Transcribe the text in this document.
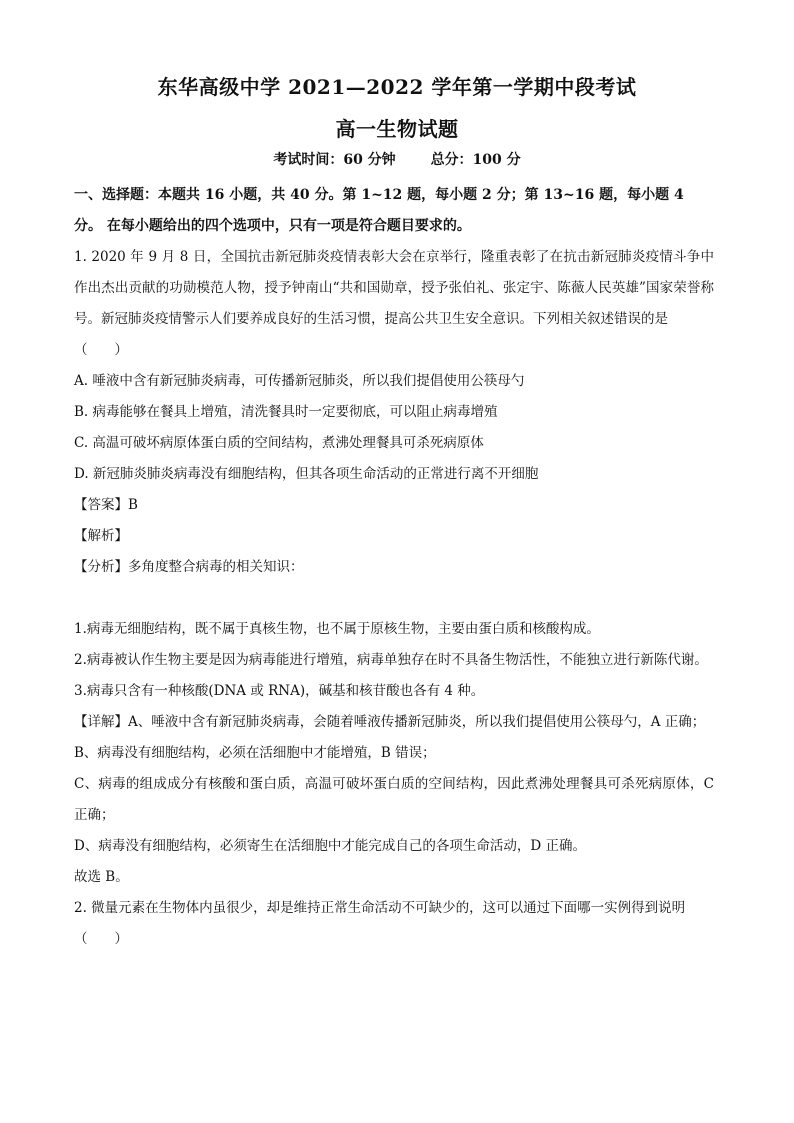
东华高级中学 2021—2022 学年第一学期中段考试
高一生物试题
考试时间：60 分钟 总分：100 分

一、选择题：本题共 16 小题，共 40 分。第 1~12 题，每小题 2 分；第 13~16 题，每小题 4

分。 在每小题给出的四个选项中，只有一项是符合题目要求的。

1. 2020 年 9 月 8 日，全国抗击新冠肺炎疫情表彰大会在京举行，隆重表彰了在抗击新冠肺炎疫情斗争中作出杰出贡献的功勋模范人物，授予钟南山“共和国勋章，授予张伯礼、张定宇、陈薇人民英雄”国家荣誉称号。新冠肺炎疫情警示人们要养成良好的生活习惯，提高公共卫生安全意识。下列相关叙述错误的是

（　　）

A. 唾液中含有新冠肺炎病毒，可传播新冠肺炎，所以我们提倡使用公筷母勺

B. 病毒能够在餐具上增殖，清洗餐具时一定要彻底，可以阻止病毒增殖

C. 高温可破坏病原体蛋白质的空间结构，煮沸处理餐具可杀死病原体

D. 新冠肺炎肺炎病毒没有细胞结构，但其各项生命活动的正常进行离不开细胞

【答案】B

【解析】

【分析】多角度整合病毒的相关知识：

1.病毒无细胞结构，既不属于真核生物，也不属于原核生物，主要由蛋白质和核酸构成。

2.病毒被认作生物主要是因为病毒能进行增殖，病毒单独存在时不具备生物活性，不能独立进行新陈代谢。

3.病毒只含有一种核酸(DNA 或 RNA)，碱基和核苷酸也各有 4 种。

【详解】A、唾液中含有新冠肺炎病毒，会随着唾液传播新冠肺炎，所以我们提倡使用公筷母勺，A 正确；

B、病毒没有细胞结构，必须在活细胞中才能增殖，B 错误；

C、病毒的组成成分有核酸和蛋白质，高温可破坏蛋白质的空间结构，因此煮沸处理餐具可杀死病原体，C 正确；

D、病毒没有细胞结构，必须寄生在活细胞中才能完成自己的各项生命活动，D 正确。

故选 B。

2. 微量元素在生物体内虽很少，却是维持正常生命活动不可缺少的，这可以通过下面哪一实例得到说明

（　　）
